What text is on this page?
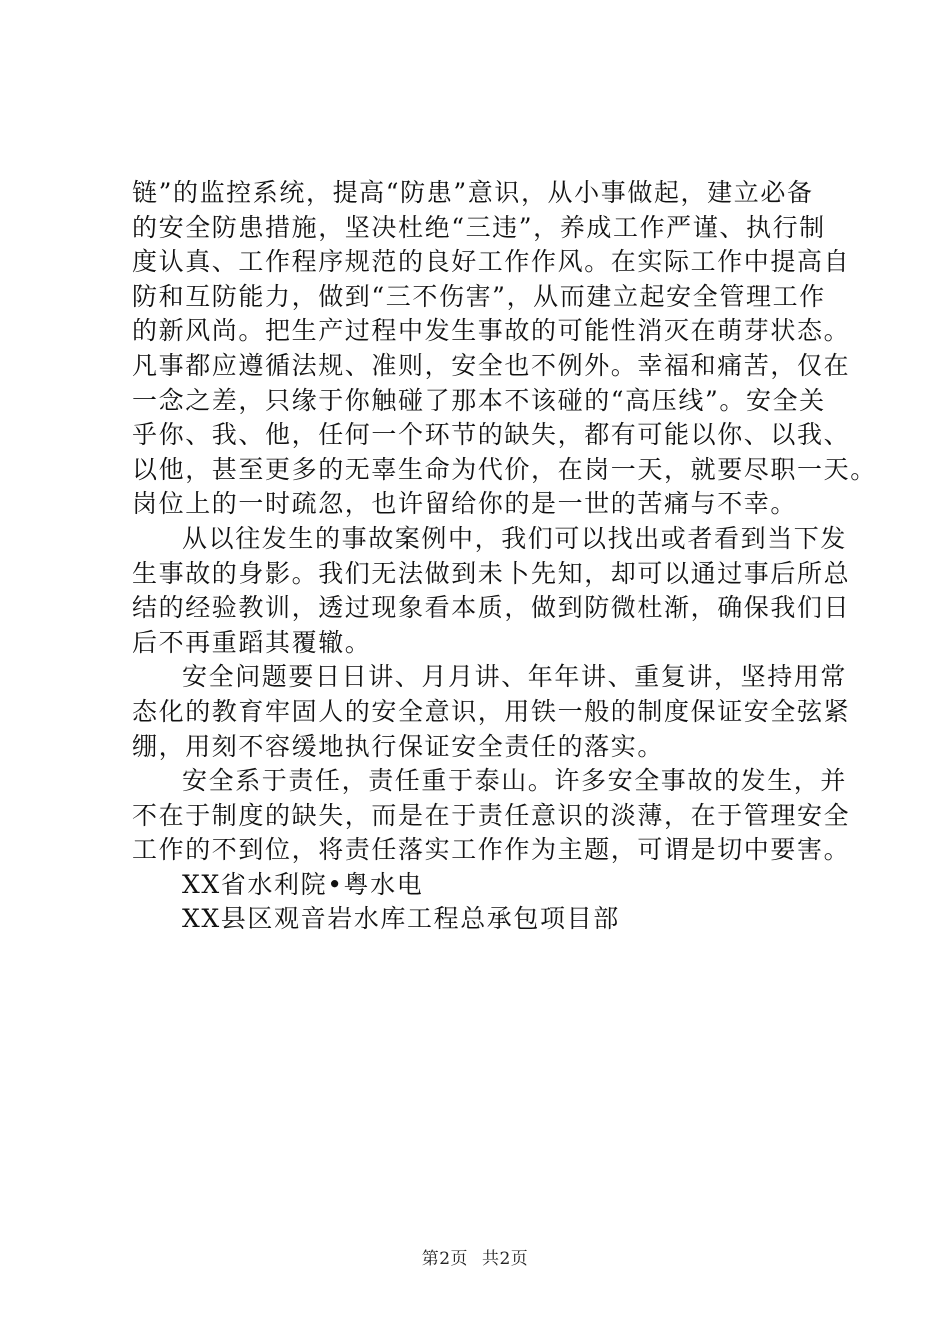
链”的监控系统，提高“防患”意识，从小事做起，建立必备
的安全防患措施，坚决杜绝“三违”，养成工作严谨、执行制
度认真、工作程序规范的良好工作作风。在实际工作中提高自
防和互防能力，做到“三不伤害”，从而建立起安全管理工作
的新风尚。把生产过程中发生事故的可能性消灭在萌芽状态。
凡事都应遵循法规、准则，安全也不例外。幸福和痛苦，仅在
一念之差，只缘于你触碰了那本不该碰的“高压线”。安全关
乎你、我、他，任何一个环节的缺失，都有可能以你、以我、
以他，甚至更多的无辜生命为代价，在岗一天，就要尽职一天。
岗位上的一时疏忽，也许留给你的是一世的苦痛与不幸。
从以往发生的事故案例中，我们可以找出或者看到当下发
生事故的身影。我们无法做到未卜先知，却可以通过事后所总
结的经验教训，透过现象看本质，做到防微杜渐，确保我们日
后不再重蹈其覆辙。
安全问题要日日讲、月月讲、年年讲、重复讲，坚持用常
态化的教育牢固人的安全意识，用铁一般的制度保证安全弦紧
绷，用刻不容缓地执行保证安全责任的落实。
安全系于责任，责任重于泰山。许多安全事故的发生，并
不在于制度的缺失，而是在于责任意识的淡薄，在于管理安全
工作的不到位，将责任落实工作作为主题，可谓是切中要害。
XX省水利院•粤水电
XX县区观音岩水库工程总承包项目部
第2页 共2页
